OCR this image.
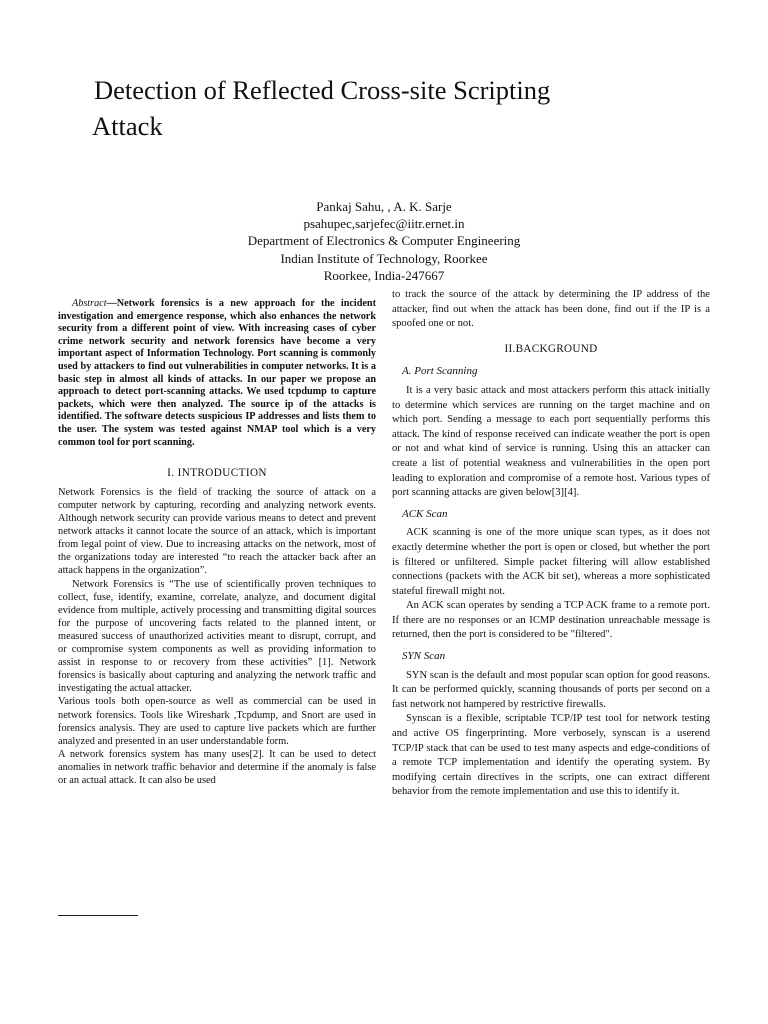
Detection of Reflected Cross-site Scripting
Attack
Pankaj Sahu, , A. K. Sarje
psahupec,sarjefec@iitr.ernet.in
Department of Electronics & Computer Engineering
Indian Institute of Technology, Roorkee
Roorkee, India-247667

Abstract—Network forensics is a new approach for the incident investigation and emergence response, which also enhances the network security from a different point of view. With increasing cases of cyber crime network security and network forensics have become a very important aspect of Information Technology. Port scanning is commonly used by attackers to find out vulnerabilities in computer networks. It is a basic step in almost all kinds of attacks. In our paper we propose an approach to detect port-scanning attacks. We used tcpdump to capture packets, which were then analyzed. The source ip of the attacks is identified. The software detects suspicious IP addresses and lists them to the user. The system was tested against NMAP tool which is a very common tool for port scanning.

I. INTRODUCTION

Network Forensics is the field of tracking the source of attack on a computer network by capturing, recording and analyzing network events. Although network security can provide various means to detect and prevent network attacks it cannot locate the source of an attack, which is important from legal point of view. Due to increasing attacks on the network, most of the organizations today are interested “to reach the attacker back after an attack happens in the organization”.

Network Forensics is “The use of scientifically proven techniques to collect, fuse, identify, examine, correlate, analyze, and document digital evidence from multiple, actively processing and transmitting digital sources for the purpose of uncovering facts related to the planned intent, or measured success of unauthorized activities meant to disrupt, corrupt, and or compromise system components as well as providing information to assist in response to or recovery from these activities” [1]. Network forensics is basically about capturing and analyzing the network traffic and investigating the actual attacker.

Various tools both open-source as well as commercial can be used in network forensics. Tools like Wireshark ,Tcpdump, and Snort are used in forensics analysis. They are used to capture live packets which are further analyzed and presented in an user understandable form.

A network forensics system has many uses[2]. It can be used to detect anomalies in network traffic behavior and determine if the anomaly is false or an actual attack. It can also be used

to track the source of the attack by determining the IP address of the attacker, find out when the attack has been done, find out if the IP is a spoofed one or not.

II.BACKGROUND
A. Port Scanning

It is a very basic attack and most attackers perform this attack initially to determine which services are running on the target machine and on which port. Sending a message to each port sequentially performs this attack. The kind of response received can indicate weather the port is open or not and what kind of service is running. Using this an attacker can create a list of potential weakness and vulnerabilities in the open port leading to exploration and compromise of a remote host. Various types of port scanning attacks are given below[3][4].

ACK Scan

ACK scanning is one of the more unique scan types, as it does not exactly determine whether the port is open or closed, but whether the port is filtered or unfiltered. Simple packet filtering will allow established connections (packets with the ACK bit set), whereas a more sophisticated stateful firewall might not.

An ACK scan operates by sending a TCP ACK frame to a remote port. If there are no responses or an ICMP destination unreachable message is returned, then the port is considered to be "filtered".

SYN Scan

SYN scan is the default and most popular scan option for good reasons. It can be performed quickly, scanning thousands of ports per second on a fast network not hampered by restrictive firewalls.

Synscan is a flexible, scriptable TCP/IP test tool for network testing and active OS fingerprinting. More verbosely, synscan is a userend TCP/IP stack that can be used to test many aspects and edge-conditions of a remote TCP implementation and identify the operating system. By modifying certain directives in the scripts, one can extract different behavior from the remote implementation and use this to identify it.
